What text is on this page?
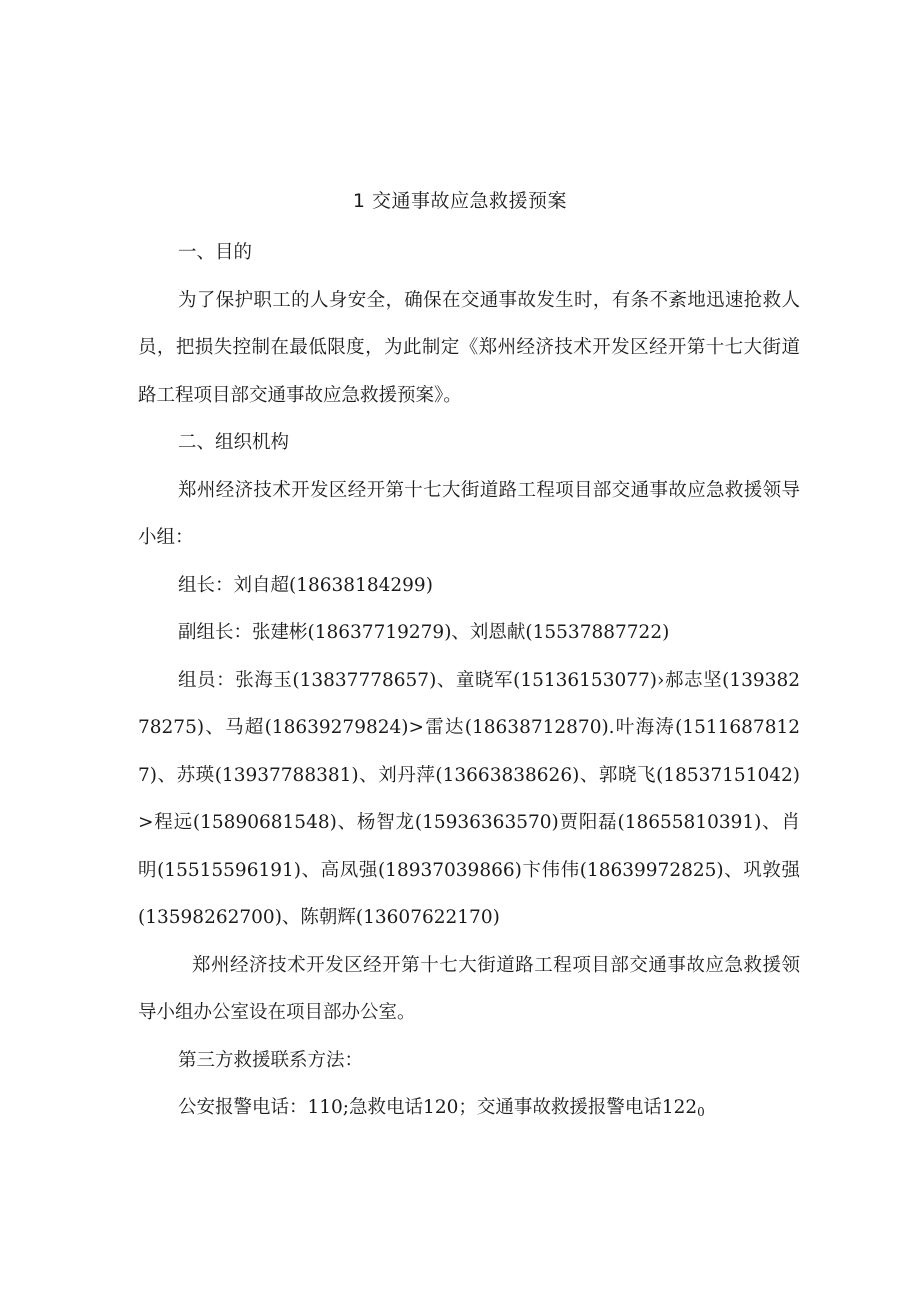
1 交通事故应急救援预案

一、目的

为了保护职工的人身安全，确保在交通事故发生时，有条不紊地迅速抢救人员，把损失控制在最低限度，为此制定《郑州经济技术开发区经开第十七大街道路工程项目部交通事故应急救援预案》。

二、组织机构

郑州经济技术开发区经开第十七大街道路工程项目部交通事故应急救援领导小组：

组长：刘自超(18638184299)

副组长：张建彬(18637719279)、刘恩献(15537887722)

组员：张海玉(13837778657)、童晓军(15136153077)›郝志坚(13938278275)、马超(18639279824)>雷达(18638712870).叶海涛(15116878127)、苏瑛(13937788381)、刘丹萍(13663838626)、郭晓飞(18537151042)>程远(15890681548)、杨智龙(15936363570)贾阳磊(18655810391)、肖明(15515596191)、高凤强(18937039866)卞伟伟(18639972825)、巩敦强(13598262700)、陈朝辉(13607622170)

郑州经济技术开发区经开第十七大街道路工程项目部交通事故应急救援领导小组办公室设在项目部办公室。

第三方救援联系方法：

公安报警电话：110;急救电话120；交通事故救援报警电话1220
